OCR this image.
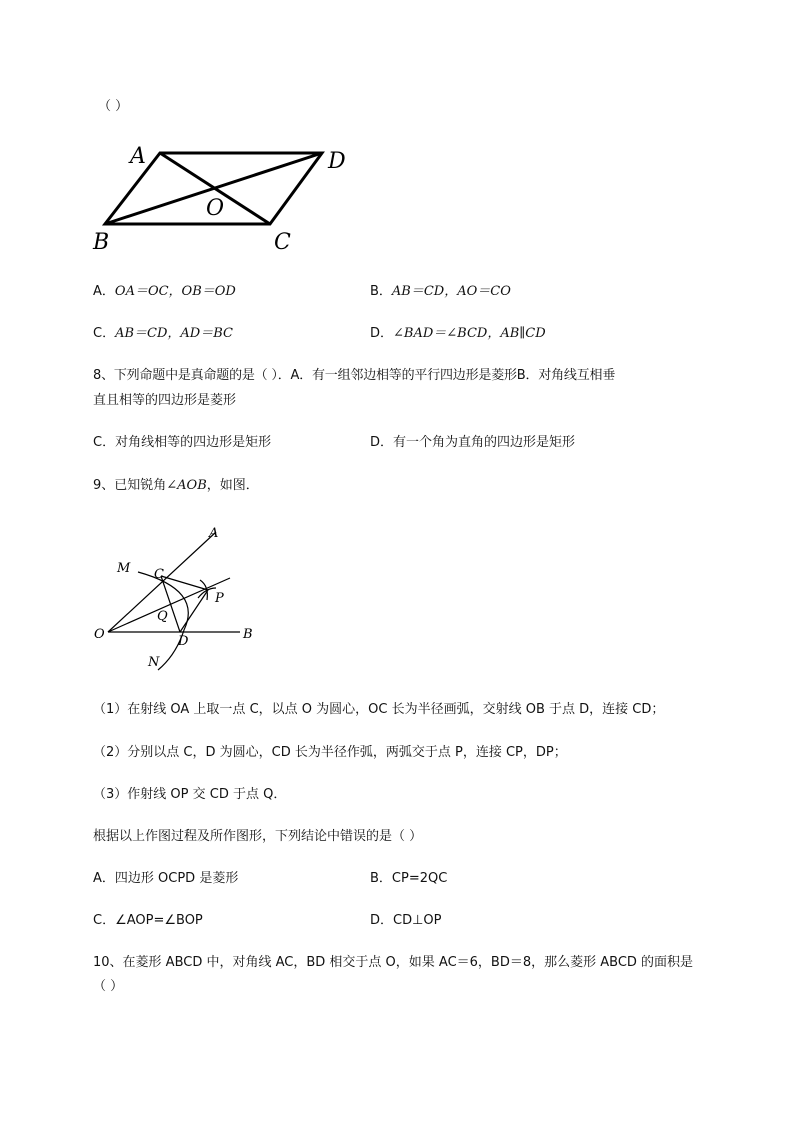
（ ）
A	D
O
B	C
A．OA＝OC，OB＝OD	B．AB＝CD，AO＝CO
C．AB＝CD，AD＝BC	D．∠BAD＝∠BCD，AB∥CD
8、下列命题中是真命题的是（ ）．A．有一组邻边相等的平行四边形是菱形B．对角线互相垂
直且相等的四边形是菱形
C．对角线相等的四边形是矩形	D．有一个角为直角的四边形是矩形
9、已知锐角∠AOB，如图．
A
M C
P
Q
O	D	B
N
（1）在射线 OA 上取一点 C，以点 O 为圆心，OC 长为半径画弧，交射线 OB 于点 D，连接 CD；
（2）分别以点 C，D 为圆心，CD 长为半径作弧，两弧交于点 P，连接 CP，DP；
（3）作射线 OP 交 CD 于点 Q．
根据以上作图过程及所作图形，下列结论中错误的是（ ）
A．四边形 OCPD 是菱形	B．CP=2QC
C．∠AOP=∠BOP	D．CD⊥OP
10、在菱形 ABCD 中，对角线 AC，BD 相交于点 O，如果 AC＝6，BD＝8，那么菱形 ABCD 的面积是
（ ）
